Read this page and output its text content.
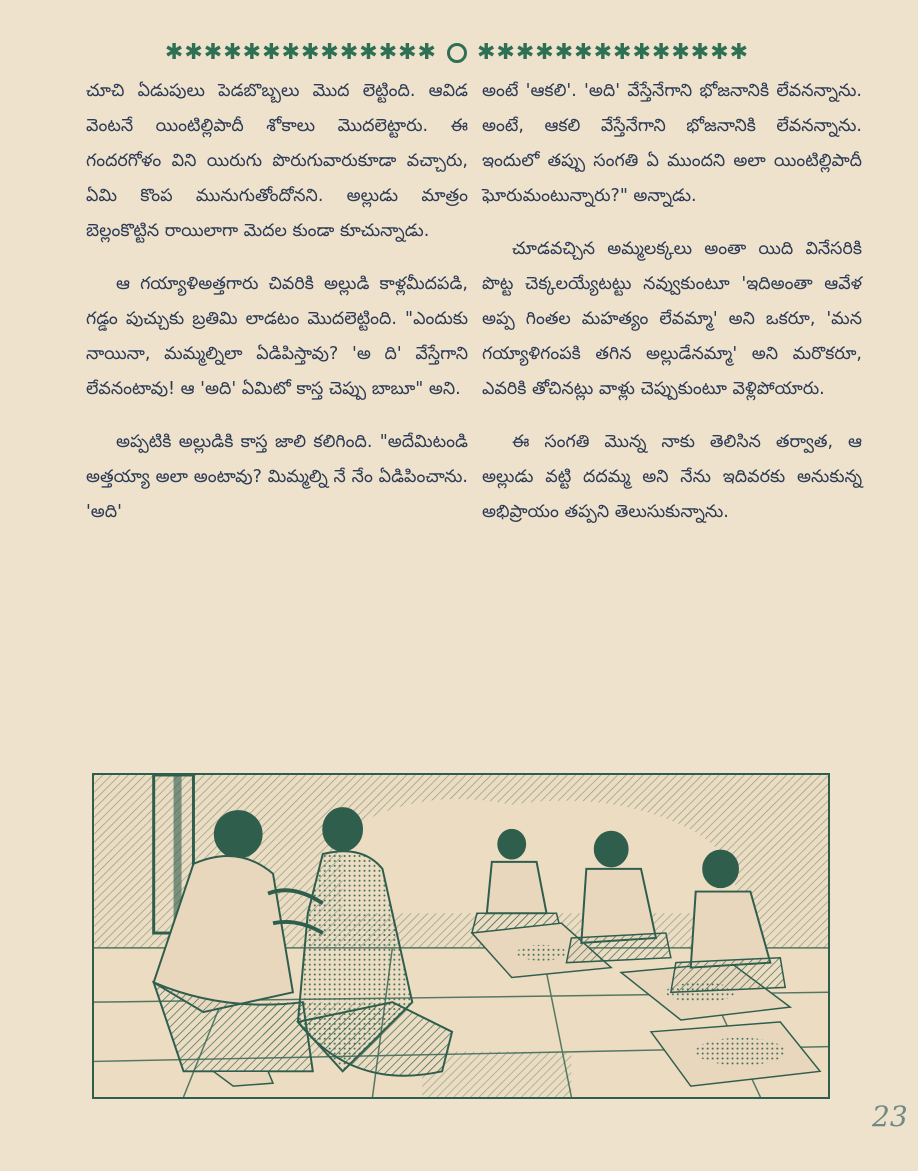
✱✱✱✱✱✱✱✱✱✱✱✱✱✱ ✱✱✱✱✱✱✱✱✱✱✱✱✱✱

చూచి ఏడుపులు పెడబొబ్బలు మొద లెట్టింది. ఆవిడ వెంటనే యింటిల్లిపాదీ శోకాలు మొదలెట్టారు. ఈ గందరగోళం విని యిరుగు పొరుగువారుకూడా వచ్చారు, ఏమి కొంప మునుగుతోందోనని. అల్లుడు మాత్రం బెల్లంకొట్టిన రాయిలాగా మెదల కుండా కూచున్నాడు.

ఆ గయ్యాళిఅత్తగారు చివరికి అల్లుడి కాళ్లమీదపడి, గడ్డం పుచ్చుకు బ్రతిమి లాడటం మొదలెట్టింది. "ఎందుకు నాయినా, మమ్మల్నిలా ఏడిపిస్తావు? 'అ ది' వేస్తేగాని లేవనంటావు! ఆ 'అది' ఏమిటో కాస్త చెప్పు బాబూ" అని.

అప్పటికి అల్లుడికి కాస్త జాలి కలిగింది. "అదేమిటండి అత్తయ్యా అలా అంటావు? మిమ్మల్ని నే నేం ఏడిపించాను. 'అది'

అంటే 'ఆకలి'. 'అది' వేస్తేనేగాని భోజనానికి లేవనన్నాను. అంటే, ఆకలి వేస్తేనేగాని భోజనానికి లేవనన్నాను. ఇందులో తప్పు సంగతి ఏ ముందని అలా యింటిల్లిపాదీ ఘోరుమంటున్నారు?" అన్నాడు.

చూడవచ్చిన అమ్మలక్కలు అంతా యిది వినేసరికి పొట్ట చెక్కలయ్యేటట్టు నవ్వుకుంటూ 'ఇదిఅంతా ఆవేళ అప్ప గింతల మహత్యం లేవమ్మా' అని ఒకరూ, 'మన గయ్యాళిగంపకి తగిన అల్లుడేనమ్మా' అని మరొకరూ, ఎవరికి తోచినట్లు వాళ్లు చెప్పుకుంటూ వెళ్లిపోయారు.

ఈ సంగతి మొన్న నాకు తెలిసిన తర్వాత, ఆ అల్లుడు వట్టి దదమ్మ అని నేను ఇదివరకు అనుకున్న అభిప్రాయం తప్పని తెలుసుకున్నాను.

23
